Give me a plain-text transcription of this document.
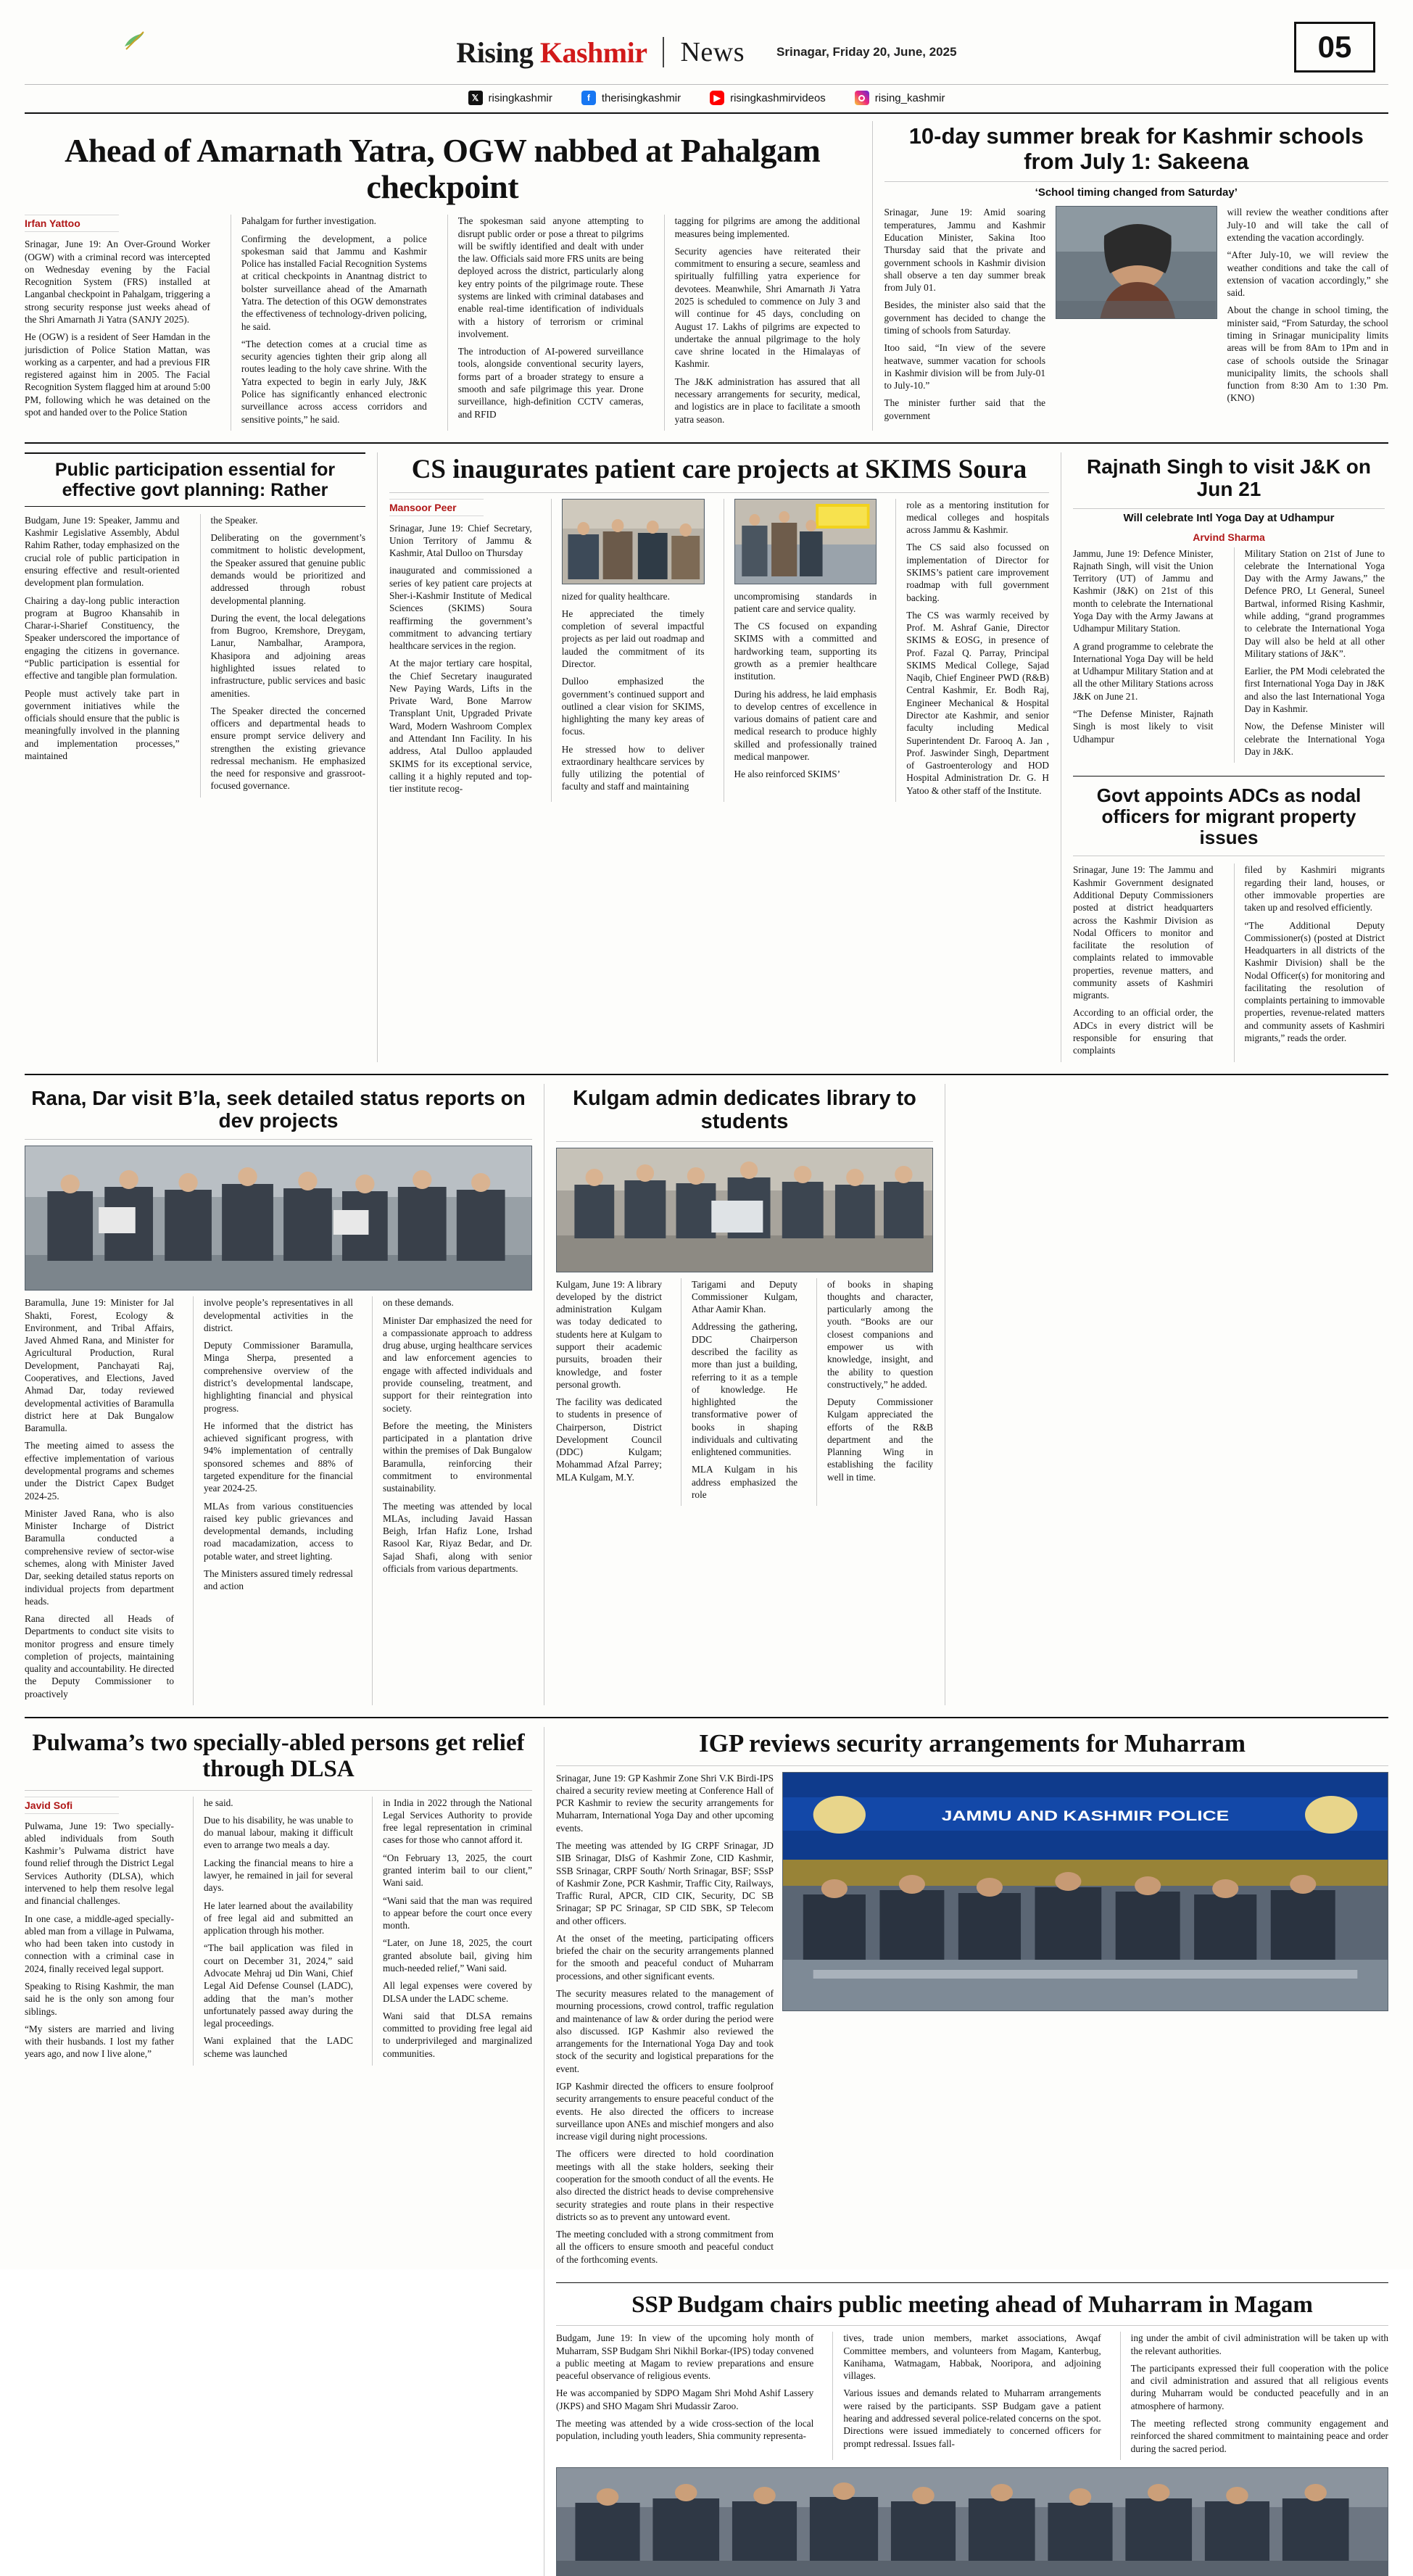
Rising Kashmir News	Srinagar, Friday 20, June, 2025	05
𝕏 risingkashmir	f	therisingkashmir	▶ risingkashmirvideos	rising_kashmir
Ahead of Amarnath Yatra, OGW nabbed at Pahalgam checkpoint
Irfan Yattoo

Srinagar, June 19: An Over-Ground Worker (OGW) with a criminal record was intercepted on Wednesday evening by the Facial Recognition System (FRS) installed at Langanbal checkpoint in Pahalgam, triggering a strong security response just weeks ahead of the Shri Amarnath Ji Yatra (SANJY 2025).

He (OGW) is a resident of Seer Hamdan in the jurisdiction of Police Station Mattan, was working as a carpenter, and had a previous FIR registered against him in 2005. The Facial Recognition System flagged him at around 5:00 PM, following which he was detained on the spot and handed over to the Police Station

Pahalgam for further investigation.

Confirming the development, a police spokesman said that Jammu and Kashmir Police has installed Facial Recognition Systems at critical checkpoints in Anantnag district to bolster surveillance ahead of the Amarnath Yatra. The detection of this OGW demonstrates the effectiveness of technology-driven policing, he said.

“The detection comes at a crucial time as security agencies tighten their grip along all routes leading to the holy cave shrine. With the Yatra expected to begin in early July, J&K Police has significantly enhanced electronic surveillance across access corridors and sensitive points,” he said.

The spokesman said anyone attempting to disrupt public order or pose a threat to pilgrims will be swiftly identified and dealt with under the law. Officials said more FRS units are being deployed across the district, particularly along key entry points of the pilgrimage route. These systems are linked with criminal databases and enable real-time identification of individuals with a history of terrorism or criminal involvement.

The introduction of AI-powered surveillance tools, alongside conventional security layers, forms part of a broader strategy to ensure a smooth and safe pilgrimage this year. Drone surveillance, high-definition CCTV cameras, and RFID

tagging for pilgrims are among the additional measures being implemented.

Security agencies have reiterated their commitment to ensuring a secure, seamless and spiritually fulfilling yatra experience for devotees. Meanwhile, Shri Amarnath Ji Yatra 2025 is scheduled to commence on July 3 and will continue for 45 days, concluding on August 17. Lakhs of pilgrims are expected to undertake the annual pilgrimage to the holy cave shrine located in the Himalayas of Kashmir.

The J&K administration has assured that all necessary arrangements for security, medical, and logistics are in place to facilitate a smooth yatra season.

10-day summer break for Kashmir schools from July 1: Sakeena
‘School timing changed from Saturday’

Srinagar, June 19: Amid soaring temperatures, Jammu and Kashmir Education Minister, Sakina Itoo Thursday said that the private and government schools in Kashmir division shall observe a ten day summer break from July 01.

Besides, the minister also said that the government has decided to change the timing of schools from Saturday.

Itoo said, “In view of the severe heatwave, summer vacation for schools in Kashmir division will be from July-01 to July-10.”

The minister further said that the government

will review the weather conditions after July-10 and will take the call of extending the vacation accordingly.

“After July-10, we will review the weather conditions and take the call of extension of vacation accordingly,” she said.

About the change in school timing, the minister said, “From Saturday, the school timing in Srinagar municipality limits areas will be from 8Am to 1Pm and in case of schools outside the Srinagar municipality limits, the schools shall function from 8:30 Am to 1:30 Pm. (KNO)

Public participation essential for effective govt planning: Rather

Budgam, June 19: Speaker, Jammu and Kashmir Legislative Assembly, Abdul Rahim Rather, today emphasized on the crucial role of public participation in ensuring effective and result-oriented development plan formulation.

Chairing a day-long public interaction program at Bugroo Khansahib in Charar-i-Sharief Constituency, the Speaker underscored the importance of engaging the citizens in governance. “Public participation is essential for effective and tangible plan formulation.

People must actively take part in government initiatives while the officials should ensure that the public is meaningfully involved in the planning and implementation processes,” maintained

the Speaker.

Deliberating on the government’s commitment to holistic development, the Speaker assured that genuine public demands would be prioritized and addressed through robust developmental planning.

During the event, the local delegations from Bugroo, Kremshore, Dreygam, Lanur, Nambalhar, Arampora, Khasipora and adjoining areas highlighted issues related to infrastructure, public services and basic amenities.

The Speaker directed the concerned officers and departmental heads to ensure prompt service delivery and strengthen the existing grievance redressal mechanism. He emphasized the need for responsive and grassroot-focused governance.

CS inaugurates patient care projects at SKIMS Soura
Mansoor Peer

Srinagar, June 19: Chief Secretary, Union Territory of Jammu & Kashmir, Atal Dulloo on Thursday

inaugurated and commissioned a series of key patient care projects at Sher-i-Kashmir Institute of Medical Sciences (SKIMS) Soura reaffirming the government’s commitment to advancing tertiary healthcare services in the region.

At the major tertiary care hospital, the Chief Secretary inaugurated New Paying Wards, Lifts in the Private Ward, Bone Marrow Transplant Unit, Upgraded Private Ward, Modern Washroom Complex and Attendant Inn Facility. In his address, Atal Dulloo applauded SKIMS for its exceptional service, calling it a highly reputed and top-tier institute recog-

nized for quality healthcare.

He appreciated the timely completion of several impactful projects as per laid out roadmap and lauded the commitment of its Director.

Dulloo emphasized the government’s continued support and outlined a clear vision for SKIMS, highlighting the many key areas of focus.

He stressed how to deliver extraordinary healthcare services by fully utilizing the potential of faculty and staff and maintaining

uncompromising standards in patient care and service quality.

The CS focused on expanding SKIMS with a committed and hardworking team, supporting its growth as a premier healthcare institution.

During his address, he laid emphasis to develop centres of excellence in various domains of patient care and medical research to produce highly skilled and professionally trained medical manpower.

He also reinforced SKIMS’

role as a mentoring institution for medical colleges and hospitals across Jammu & Kashmir.

The CS said also focussed on implementation of Director for SKIMS’s patient care improvement roadmap with full government backing.

The CS was warmly received by Prof. M. Ashraf Ganie, Director SKIMS & EOSG, in presence of Prof. Fazal Q. Parray, Principal SKIMS Medical College, Sajad Naqib, Chief Engineer PWD (R&B) Central Kashmir, Er. Bodh Raj, Engineer Mechanical & Hospital Director ate Kashmir, and senior faculty including Medical Superintendent Dr. Farooq A. Jan , Prof. Jaswinder Singh, Department of Gastroenterology and HOD Hospital Administration Dr. G. H Yatoo & other staff of the Institute.

Rajnath Singh to visit J&K on Jun 21
Will celebrate Intl Yoga Day at Udhampur
Arvind Sharma

Jammu, June 19: Defence Minister, Rajnath Singh, will visit the Union Territory (UT) of Jammu and Kashmir (J&K) on 21st of this month to celebrate the International Yoga Day with the Army Jawans at Udhampur Military Station.

A grand programme to celebrate the International Yoga Day will be held at Udhampur Military Station and at all the other Military Stations across J&K on June 21.

“The Defense Minister, Rajnath Singh is most likely to visit Udhampur

Military Station on 21st of June to celebrate the International Yoga Day with the Army Jawans,” the Defence PRO, Lt General, Suneel Bartwal, informed Rising Kashmir, while adding, “grand programmes to celebrate the International Yoga Day will also be held at all other Military stations of J&K”.

Earlier, the PM Modi celebrated the first International Yoga Day in J&K and also the last International Yoga Day in Kashmir.

Now, the Defense Minister will celebrate the International Yoga Day in J&K.

Govt appoints ADCs as nodal officers for migrant property issues

Srinagar, June 19: The Jammu and Kashmir Government designated Additional Deputy Commissioners posted at district headquarters across the Kashmir Division as Nodal Officers to monitor and facilitate the resolution of complaints related to immovable properties, revenue matters, and community assets of Kashmiri migrants.

According to an official order, the ADCs in every district will be responsible for ensuring that complaints

filed by Kashmiri migrants regarding their land, houses, or other immovable properties are taken up and resolved efficiently.

“The Additional Deputy Commissioner(s) (posted at District Headquarters in all districts of the Kashmir Division) shall be the Nodal Officer(s) for monitoring and facilitating the resolution of complaints pertaining to immovable properties, revenue-related matters and community assets of Kashmiri migrants,” reads the order.

Rana, Dar visit B’la, seek detailed status reports on dev projects

Baramulla, June 19: Minister for Jal Shakti, Forest, Ecology & Environment, and Tribal Affairs, Javed Ahmed Rana, and Minister for Agricultural Production, Rural Development, Panchayati Raj, Cooperatives, and Elections, Javed Ahmad Dar, today reviewed developmental activities of Baramulla district here at Dak Bungalow Baramulla.

The meeting aimed to assess the effective implementation of various developmental programs and schemes under the District Capex Budget 2024-25.

Minister Javed Rana, who is also Minister Incharge of District Baramulla conducted a comprehensive review of sector-wise schemes, along with Minister Javed Dar, seeking detailed status reports on individual projects from department heads.

Rana directed all Heads of Departments to conduct site visits to monitor progress and ensure timely completion of projects, maintaining quality and accountability. He directed the Deputy Commissioner to proactively

involve people’s representatives in all developmental activities in the district.

Deputy Commissioner Baramulla, Minga Sherpa, presented a comprehensive overview of the district’s developmental landscape, highlighting financial and physical progress.

He informed that the district has achieved significant progress, with 94% implementation of centrally sponsored schemes and 88% of targeted expenditure for the financial year 2024-25.

MLAs from various constituencies raised key public grievances and developmental demands, including road macadamization, access to potable water, and street lighting.

The Ministers assured timely redressal and action

on these demands.

Minister Dar emphasized the need for a compassionate approach to address drug abuse, urging healthcare services and law enforcement agencies to engage with affected individuals and provide counseling, treatment, and support for their reintegration into society.

Before the meeting, the Ministers participated in a plantation drive within the premises of Dak Bungalow Baramulla, reinforcing their commitment to environmental sustainability.

The meeting was attended by local MLAs, including Javaid Hassan Beigh, Irfan Hafiz Lone, Irshad Rasool Kar, Riyaz Bedar, and Dr. Sajad Shafi, along with senior officials from various departments.

Kulgam admin dedicates library to students

Kulgam, June 19: A library developed by the district administration Kulgam was today dedicated to students here at Kulgam to support their academic pursuits, broaden their knowledge, and foster personal growth.

The facility was dedicated to students in presence of Chairperson, District Development Council (DDC) Kulgam; Mohammad Afzal Parrey; MLA Kulgam, M.Y.

Tarigami and Deputy Commissioner Kulgam, Athar Aamir Khan.

Addressing the gathering, DDC Chairperson described the facility as more than just a building, referring to it as a temple of knowledge. He highlighted the transformative power of books in shaping individuals and cultivating enlightened communities.

MLA Kulgam in his address emphasized the role

of books in shaping thoughts and character, particularly among the youth. “Books are our closest companions and empower us with knowledge, insight, and the ability to question constructively,” he added.

Deputy Commissioner Kulgam appreciated the efforts of the R&B department and the Planning Wing in establishing the facility well in time.

Pulwama’s two specially-abled persons get relief through DLSA
Javid Sofi

Pulwama, June 19: Two specially-abled individuals from South Kashmir’s Pulwama district have found relief through the District Legal Services Authority (DLSA), which intervened to help them resolve legal and financial challenges.

In one case, a middle-aged specially-abled man from a village in Pulwama, who had been taken into custody in connection with a criminal case in 2024, finally received legal support.

Speaking to Rising Kashmir, the man said he is the only son among four siblings.

“My sisters are married and living with their husbands. I lost my father years ago, and now I live alone,”

he said.

Due to his disability, he was unable to do manual labour, making it difficult even to arrange two meals a day.

Lacking the financial means to hire a lawyer, he remained in jail for several days.

He later learned about the availability of free legal aid and submitted an application through his mother.

“The bail application was filed in court on December 31, 2024,” said Advocate Mehraj ud Din Wani, Chief Legal Aid Defense Counsel (LADC), adding that the man’s mother unfortunately passed away during the legal proceedings.

Wani explained that the LADC scheme was launched

in India in 2022 through the National Legal Services Authority to provide free legal representation in criminal cases for those who cannot afford it.

“On February 13, 2025, the court granted interim bail to our client,” Wani said.

“Wani said that the man was required to appear before the court once every month.

“Later, on June 18, 2025, the court granted absolute bail, giving him much-needed relief,” Wani said.

All legal expenses were covered by DLSA under the LADC scheme.

Wani said that DLSA remains committed to providing free legal aid to underprivileged and marginalized communities.

IGP reviews security arrangements for Muharram

Srinagar, June 19: GP Kashmir Zone Shri V.K Birdi-IPS chaired a security review meeting at Conference Hall of PCR Kashmir to review the security arrangements for Muharram, International Yoga Day and other upcoming events.

The meeting was attended by IG CRPF Srinagar, JD SIB Srinagar, DIsG of Kashmir Zone, CID Kashmir, SSB Srinagar, CRPF South/ North Srinagar, BSF; SSsP of Kashmir Zone, PCR Kashmir, Traffic City, Railways, Traffic Rural, APCR, CID CIK, Security, DC SB Srinagar; SP PC Srinagar, SP CID SBK, SP Telecom and other officers.

At the onset of the meeting, participating officers briefed the chair on the security arrangements planned for the smooth and peaceful conduct of Muharram processions, and other significant events.

The security measures related to the management of mourning processions, crowd control, traffic regulation and maintenance of law & order during the period were also discussed. IGP Kashmir also reviewed the arrangements for the International Yoga Day and took stock of the security and logistical preparations for the event.

IGP Kashmir directed the officers to ensure foolproof security arrangements to ensure peaceful conduct of the events. He also directed the officers to increase surveillance upon ANEs and mischief mongers and also increase vigil during night processions.

The officers were directed to hold coordination meetings with all the stake holders, seeking their cooperation for the smooth conduct of all the events. He also directed the district heads to devise comprehensive security strategies and route plans in their respective districts so as to prevent any untoward event.

The meeting concluded with a strong commitment from all the officers to ensure smooth and peaceful conduct of the forthcoming events.

JAMMU AND KASHMIR POLICE
SSP Budgam chairs public meeting ahead of Muharram in Magam

Budgam, June 19: In view of the upcoming holy month of Muharram, SSP Budgam Shri Nikhil Borkar-(IPS) today convened a public meeting at Magam to review preparations and ensure peaceful observance of religious events.

He was accompanied by SDPO Magam Shri Mohd Ashif Lassery (JKPS) and SHO Magam Shri Mudassir Zaroo.

The meeting was attended by a wide cross-section of the local population, including youth leaders, Shia community representa-

tives, trade union members, market associations, Awqaf Committee members, and volunteers from Magam, Kanterbug, Kanihama, Watmagam, Habbak, Nooripora, and adjoining villages.

Various issues and demands related to Muharram arrangements were raised by the participants. SSP Budgam gave a patient hearing and addressed several police-related concerns on the spot. Directions were issued immediately to concerned officers for prompt redressal. Issues fall-

ing under the ambit of civil administration will be taken up with the relevant authorities.

The participants expressed their full cooperation with the police and civil administration and assured that all religious events during Muharram would be conducted peacefully and in an atmosphere of harmony.

The meeting reflected strong community engagement and reinforced the shared commitment to maintaining peace and order during the sacred period.
